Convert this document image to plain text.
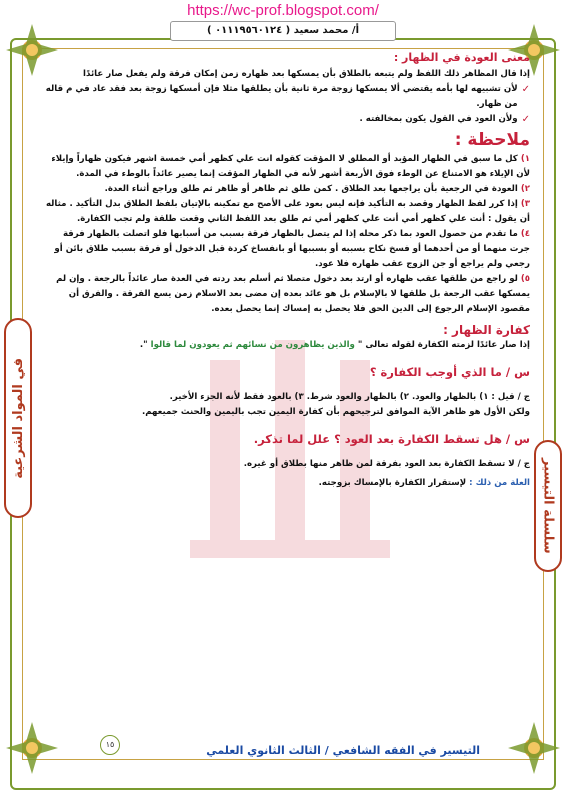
https://wc-prof.blogspot.com/
أ/ محمد سعيد ( ٠١١١٩٥٦٠١٢٤ )
سلسلة التيسير
في المواد الشرعية
معنى العودة في الظهار :
إذا قال المظاهر ذلك اللفظ ولم يتبعه بالطلاق بأن يمسكها بعد ظهاره زمن إمكان فرقة ولم يفعل صار عائدًا
✓
لأن تشبيهه لها بأمه يقتضي ألا يمسكها زوجة مرة ثانية بأن يطلقها مثلا فإن أمسكها زوجة بعد فقد عاد في م قاله من ظهار.
✓
ولأن العود في القول يكون بمخالفته .
ملاحظة :
١) كل ما سبق في الظهار المؤبد أو المطلق لا المؤقت كقوله انت علي كظهر أمي خمسة اشهر فيكون ظهاراً وإيلاء لأن الإيلاء هو الامتناع عن الوطء فوق الأربعة أشهر لأنه في الظهار المؤقت إنما يصير عائداً بالوطء في المدة.
٢) العودة في الرجعية بأن يراجعها بعد الطلاق . كمن طلق ثم ظاهر أو ظاهر ثم طلق وراجع أثناء العدة.
٣) إذا كرر لفظ الظهار وقصد به التأكيد فإنه ليس بعود على الأصح مع تمكينه بالإتيان بلفظ الطلاق بدل التأكيد . مثاله أن يقول : أنت علي كظهر أمي أنت علي كظهر أمي ثم طلق بعد اللفظ الثاني وقعت طلقة ولم تجب الكفارة.
٤) ما تقدم من حصول العود بما ذكر محله إذا لم يتصل بالظهار فرقة بسبب من أسبابها فلو اتصلت بالظهار فرقة جرت منهما أو من أحدهما أو فسخ نكاح بسببه أو بسببها أو بانفساخ كردة قبل الدخول أو فرقة بسبب طلاق بائن أو رجعي ولم يراجع أو جن الزوج عقب ظهاره فلا عود.
٥) لو راجع من طلقها عقب ظهاره أو ارتد بعد دخول متصلا ثم أسلم بعد ردته في العدة صار عائداً بالرجعة . وإن لم يمسكها عقب الرجعة بل طلقها لا بالإسلام بل هو عائد بعده إن مضى بعد الاسلام زمن يسع الفرقة . والفرق أن مقصود الإسلام الرجوع إلى الدين الحق فلا يحصل به إمساك إنما يحصل بعده.
كفارة الظهار :
إذا صار عائدًا لزمته الكفارة لقوله تعالى " والذين يظاهرون من نسائهم ثم يعودون لما قالوا ".
س / ما الذي أوجب الكفارة ؟
ج / قيل : ١) بالظهار والعود. ٢) بالظهار والعود شرط. ٣) بالعود فقط لأنه الجزء الأخير.
ولكن الأول هو ظاهر الآية الموافق لترجيحهم بأن كفارة اليمين تجب باليمين والحنث جميعهم.
س / هل تسقط الكفارة بعد العود ؟ علل لما تذكر.
ج / لا تسقط الكفارة بعد العود بفرقة لمن ظاهر منها بطلاق أو غيره.
العلة من ذلك : لإستقرار الكفارة بالإمساك بزوجته.
١٥	التيسير في الفقه الشافعي / الثالث الثانوي العلمي
